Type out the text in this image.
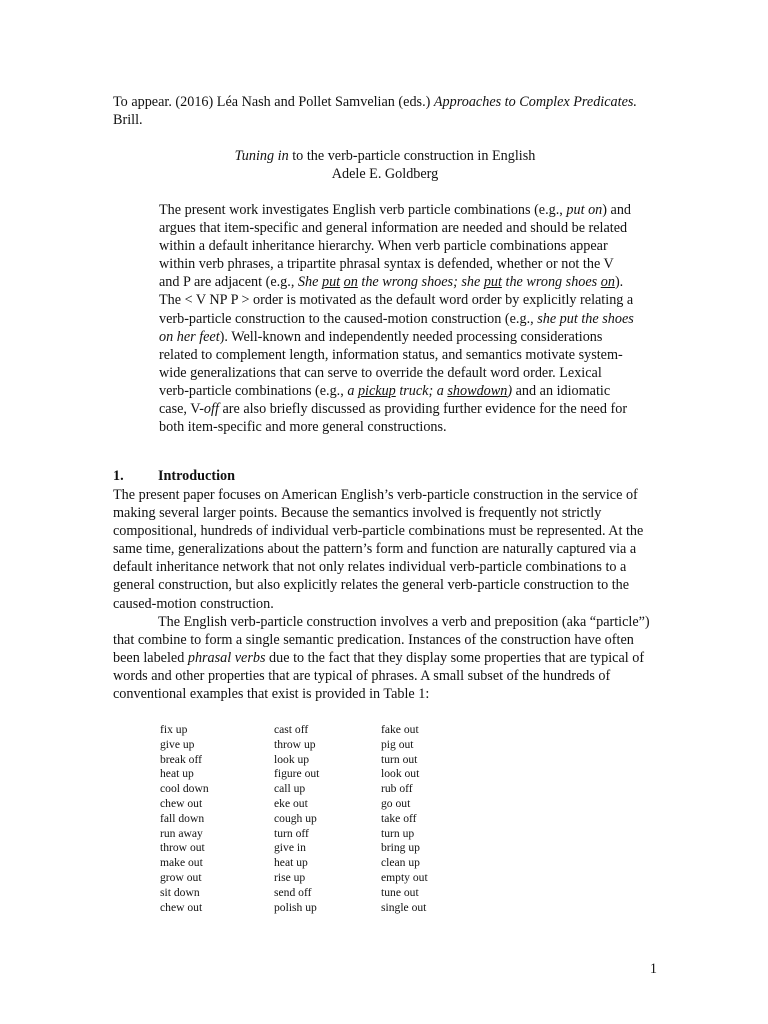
To appear. (2016) Léa Nash and Pollet Samvelian (eds.) Approaches to Complex Predicates. Brill.
Tuning in to the verb-particle construction in English
Adele E. Goldberg
The present work investigates English verb particle combinations (e.g., put on) and argues that item-specific and general information are needed and should be related within a default inheritance hierarchy. When verb particle combinations appear within verb phrases, a tripartite phrasal syntax is defended, whether or not the V and P are adjacent (e.g., She put on the wrong shoes; she put the wrong shoes on). The < V NP P > order is motivated as the default word order by explicitly relating a verb-particle construction to the caused-motion construction (e.g., she put the shoes on her feet). Well-known and independently needed processing considerations related to complement length, information status, and semantics motivate system-wide generalizations that can serve to override the default word order. Lexical verb-particle combinations (e.g., a pickup truck; a showdown) and an idiomatic case, V-off are also briefly discussed as providing further evidence for the need for both item-specific and more general constructions.
1. Introduction

The present paper focuses on American English’s verb-particle construction in the service of making several larger points. Because the semantics involved is frequently not strictly compositional, hundreds of individual verb-particle combinations must be represented. At the same time, generalizations about the pattern’s form and function are naturally captured via a default inheritance network that not only relates individual verb-particle combinations to a general construction, but also explicitly relates the general verb-particle construction to the caused-motion construction.

The English verb-particle construction involves a verb and preposition (aka “particle”) that combine to form a single semantic predication. Instances of the construction have often been labeled phrasal verbs due to the fact that they display some properties that are typical of words and other properties that are typical of phrases. A small subset of the hundreds of conventional examples that exist is provided in Table 1:

fix up
give up
break off
heat up
cool down
chew out
fall down
run away
throw out
make out
grow out
sit down
chew out
cast off
throw up
look up
figure out
call up
eke out
cough up
turn off
give in
heat up
rise up
send off
polish up
fake out
pig out
turn out
look out
rub off
go out
take off
turn up
bring up
clean up
empty out
tune out
single out
1
